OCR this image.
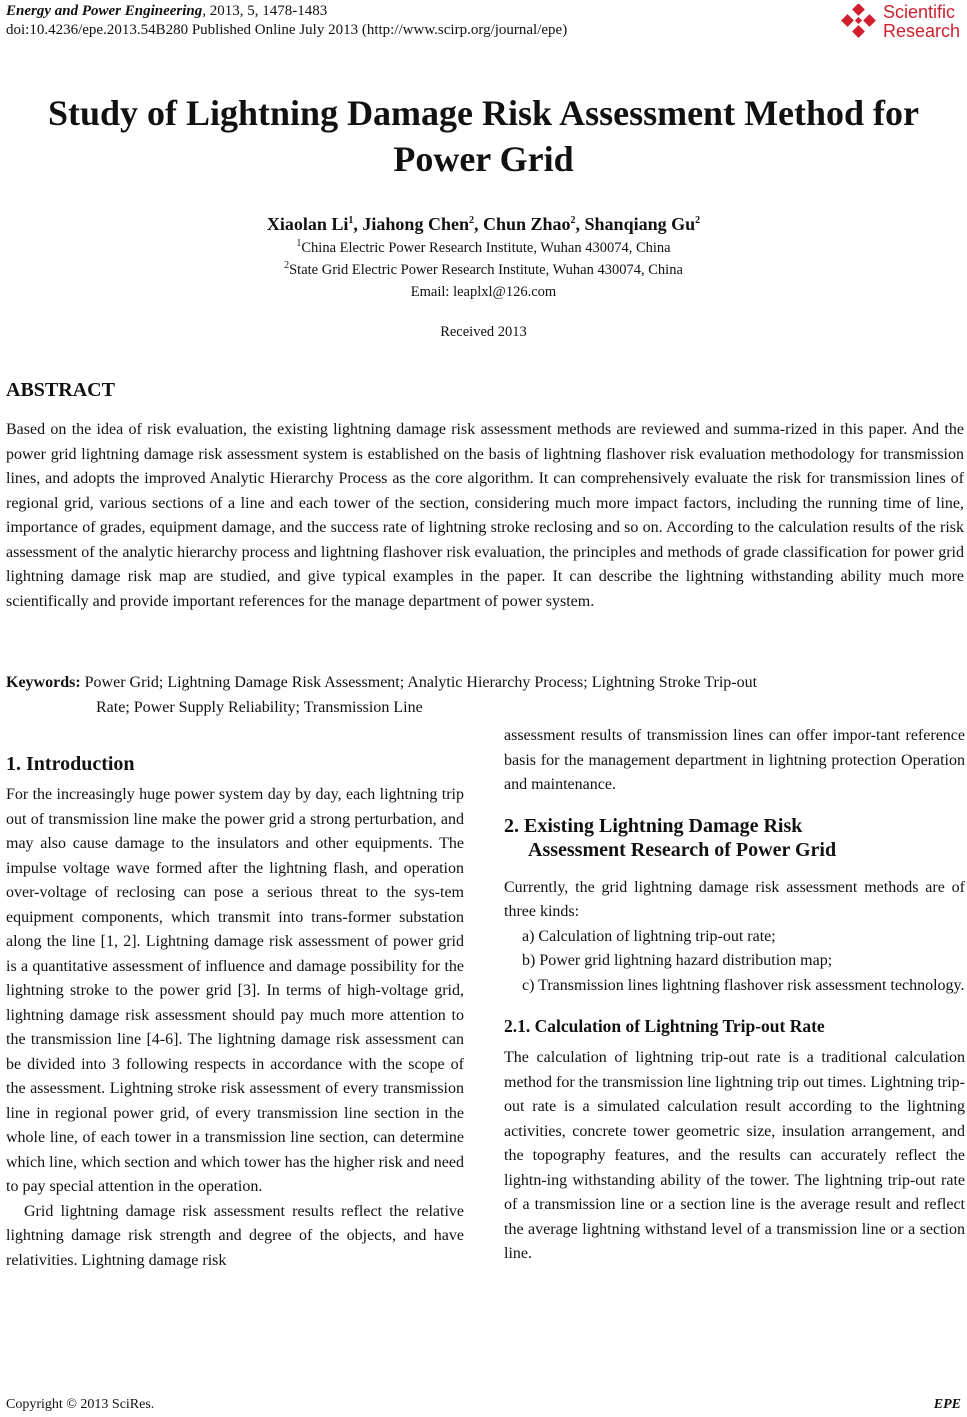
Energy and Power Engineering, 2013, 5, 1478-1483
doi:10.4236/epe.2013.54B280 Published Online July 2013 (http://www.scirp.org/journal/epe)
Scientific
Research
Study of Lightning Damage Risk Assessment Method for
Power Grid
Xiaolan Li$^1$, Jiahong Chen$^2$, Chun Zhao$^2$, Shanqiang Gu$^2$
$^1$China Electric Power Research Institute, Wuhan 430074, China
$^2$State Grid Electric Power Research Institute, Wuhan 430074, China
Email: leaplxl@126.com
Received 2013
ABSTRACT

Based on the idea of risk evaluation, the existing lightning damage risk assessment methods are reviewed and summa-rized in this paper. And the power grid lightning damage risk assessment system is established on the basis of lightning flashover risk evaluation methodology for transmission lines, and adopts the improved Analytic Hierarchy Process as the core algorithm. It can comprehensively evaluate the risk for transmission lines of regional grid, various sections of a line and each tower of the section, considering much more impact factors, including the running time of line, importance of grades, equipment damage, and the success rate of lightning stroke reclosing and so on. According to the calculation results of the risk assessment of the analytic hierarchy process and lightning flashover risk evaluation, the principles and methods of grade classification for power grid lightning damage risk map are studied, and give typical examples in the paper. It can describe the lightning withstanding ability much more scientifically and provide important references for the manage department of power system.

Keywords: Power Grid; Lightning Damage Risk Assessment; Analytic Hierarchy Process; Lightning Stroke Trip-out
Rate; Power Supply Reliability; Transmission Line
1. Introduction

For the increasingly huge power system day by day, each lightning trip out of transmission line make the power grid a strong perturbation, and may also cause damage to the insulators and other equipments. The impulse voltage wave formed after the lightning flash, and operation over-voltage of reclosing can pose a serious threat to the sys-tem equipment components, which transmit into trans-former substation along the line [1, 2]. Lightning damage risk assessment of power grid is a quantitative assessment of influence and damage possibility for the lightning stroke to the power grid [3]. In terms of high-voltage grid, lightning damage risk assessment should pay much more attention to the transmission line [4-6]. The lightning damage risk assessment can be divided into 3 following respects in accordance with the scope of the assessment. Lightning stroke risk assessment of every transmission line in regional power grid, of every transmission line section in the whole line, of each tower in a transmission line section, can determine which line, which section and which tower has the higher risk and need to pay special attention in the operation.

Grid lightning damage risk assessment results reflect the relative lightning damage risk strength and degree of the objects, and have relativities. Lightning damage risk

assessment results of transmission lines can offer impor-tant reference basis for the management department in lightning protection Operation and maintenance.

2. Existing Lightning Damage Risk
Assessment Research of Power Grid

Currently, the grid lightning damage risk assessment methods are of three kinds:

a) Calculation of lightning trip-out rate;

b) Power grid lightning hazard distribution map;

c) Transmission lines lightning flashover risk assessment technology.

2.1. Calculation of Lightning Trip-out Rate

The calculation of lightning trip-out rate is a traditional calculation method for the transmission line lightning trip out times. Lightning trip-out rate is a simulated calculation result according to the lightning activities, concrete tower geometric size, insulation arrangement, and the topography features, and the results can accurately reflect the lightn-ing withstanding ability of the tower. The lightning trip-out rate of a transmission line or a section line is the average result and reflect the average lightning withstand level of a transmission line or a section line.

Copyright © 2013 SciRes.	EPE
